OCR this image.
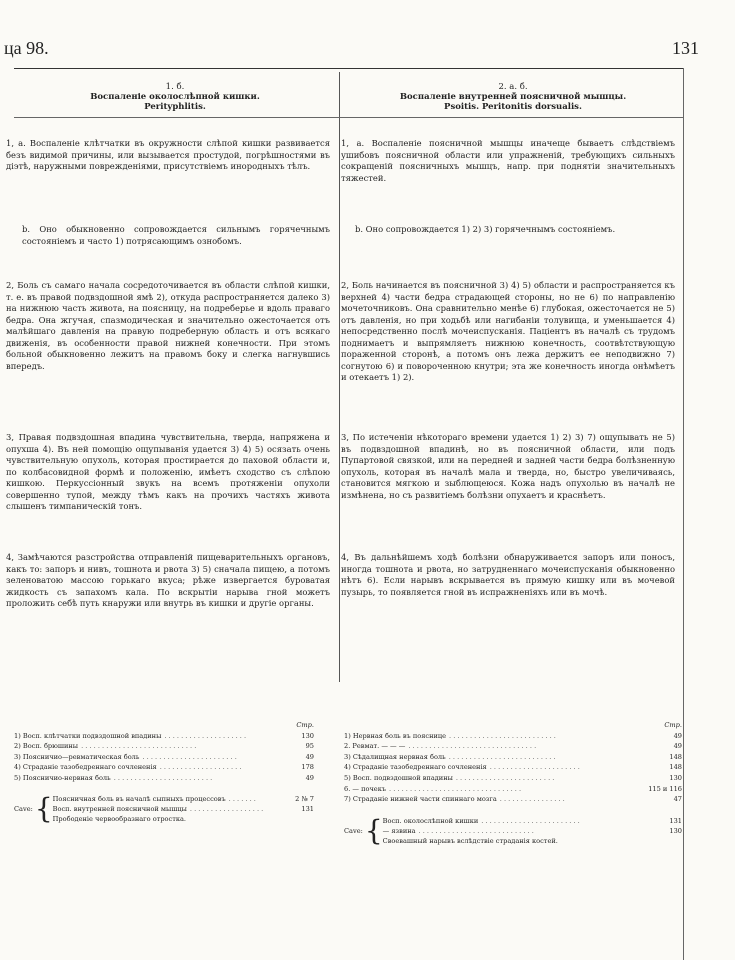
ца 98.	131
1. б.
Воспаленіе околослѣпной кишки.
Perityphlitis.
2. а. б.
Воспаленіе внутренней поясничной мышцы.
Psoitis. Peritonitis dorsualis.
1, а. Воспаленіе клѣтчатки въ окружности слѣпой кишки развивается безъ видимой причины, или вызывается простудой, погрѣшностями въ діэтѣ, наружными поврежденіями, присутствіемъ инородныхъ тѣлъ.
b. Оно обыкновенно сопровождается сильнымъ горячечнымъ состояніемъ и часто 1) потрясающимъ ознобомъ.
2, Боль съ самаго начала сосредоточивается въ области слѣпой кишки, т. е. въ правой подвздошной ямѣ 2), откуда распространяется далеко 3) на нижнюю часть живота, на поясницу, на подреберье и вдоль праваго бедра. Она жгучая, спазмодическая и значительно ожесточается отъ малѣйшаго давленія на правую подреберную область и отъ всякаго движенія, въ особенности правой нижней конечности. При этомъ больной обыкновенно лежитъ на правомъ боку и слегка нагнувшись впередъ.
3, Правая подвздошная впадина чувствительна, тверда, напряжена и опухша 4). Въ ней помощію ощупыванія удается 3) 4) 5) осязать очень чувствительную опухоль, которая простирается до паховой области и, по колбасовидной формѣ и положенію, имѣетъ сходство съ слѣпою кишкою. Перкуссіонный звукъ на всемъ протяженіи опухоли совершенно тупой, между тѣмъ какъ на прочихъ частяхъ живота слышенъ тимпаническій тонъ.
4, Замѣчаются разстройства отправленій пищеварительныхъ органовъ, какъ то: запоръ и нивъ, тошнота и рвота 3) 5) сначала пищею, а потомъ зеленоватою массою горькаго вкуса; рѣже извергается буроватая жидкость съ запахомъ кала. По вскрытіи нарыва гной можетъ проложить себѣ путь кнаружи или внутрь въ кишки и другіе органы.
1, а. Воспаленіе поясничной мышцы иначеще бываетъ слѣдствіемъ ушибовъ поясничной области или упражненій, требующихъ сильныхъ сокращеній поясничныхъ мышцъ, напр. при поднятіи значительныхъ тяжестей.
b. Оно сопровождается 1) 2) 3) горячечнымъ состояніемъ.
2, Боль начинается въ поясничной 3) 4) 5) области и распространяется къ верхней 4) части бедра страдающей стороны, но не 6) по направленію мочеточниковъ. Она сравнительно менѣе 6) глубокая, ожесточается не 5) отъ давленія, но при ходьбѣ или нагибаніи толувища, и уменьшается 4) непосредственно послѣ мочеиспусканія. Паціентъ въ началѣ съ трудомъ поднимаетъ и выпрямляетъ нижнюю конечность, соотвѣтствующую пораженной сторонѣ, а потомъ онъ лежа держитъ ее неподвижно 7) согнутою 6) и повороченною кнутри; эта же конечность иногда онѣмѣетъ и отекаетъ 1) 2).
3, По истеченіи нѣкотораго времени удается 1) 2) 3) 7) ощупывать не 5) въ подвздошной впадинѣ, но въ поясничной области, или подъ Пупартовой связкой, или на передней и задней части бедра болѣзненную опухоль, которая въ началѣ мала и тверда, но, быстро увеличиваясь, становится мягкою и зыблющеюся. Кожа надъ опухолью въ началѣ не измѣнена, но съ развитіемъ болѣзни опухаетъ и краснѣетъ.
4, Въ дальнѣйшемъ ходѣ болѣзни обнаруживается запоръ или поносъ, иногда тошнота и рвота, но затрудненнаго мочеиспусканія обыкновенно нѣтъ 6). Если нарывъ вскрывается въ прямую кишку или въ мочевой пузырь, то появляется гной въ испражненіяхъ или въ мочѣ.
Стр.
1) Восп. клѣтчатки подвздошной впадины . . . . . . . . . . . . . . . . . . . .	130
2) Восп. брюшины . . . . . . . . . . . . . . . . . . . . . . . . . . . .	95
3) Поясничио—ревматическая боль . . . . . . . . . . . . . . . . . . . . . . .	49
4) Страданіе тазобедреннаго сочлененія . . . . . . . . . . . . . . . . . . . .	178
5) Поясничио-нервная боль . . . . . . . . . . . . . . . . . . . . . . . .	49
Cave: { Поясничная боль въ началѣ сыпныхъ процессовъ . . . . . . .	2 № 7
Восп. внутренней поясничной мышцы . . . . . . . . . . . . . . . . . .	131
Прободеніе червообразнаго отростка.
Стр.
1) Нервная боль въ пояснице . . . . . . . . . . . . . . . . . . . . . . . . . .	49
2. Ревмат. — — — . . . . . . . . . . . . . . . . . . . . . . . . . . . . . . .	49
3) Сѣдалищная нервная боль . . . . . . . . . . . . . . . . . . . . . . . . . .	148
4) Страданіе тазобедреннаго сочлененія . . . . . . . . . . . . . . . . . . . . . .	148
5) Восп. подвздошной впадины . . . . . . . . . . . . . . . . . . . . . . . .	130
6. — почекъ . . . . . . . . . . . . . . . . . . . . . . . . . . . . . . . .	115 и 116
7) Страданіе нижней части спиннаго мозга . . . . . . . . . . . . . . . .	47
Cave: { Восп. околослѣпной кишки . . . . . . . . . . . . . . . . . . . . . . . .	131
— язвина . . . . . . . . . . . . . . . . . . . . . . . . . . . .	130
Своевашный нарывъ вслѣдствіе страданія костей.
